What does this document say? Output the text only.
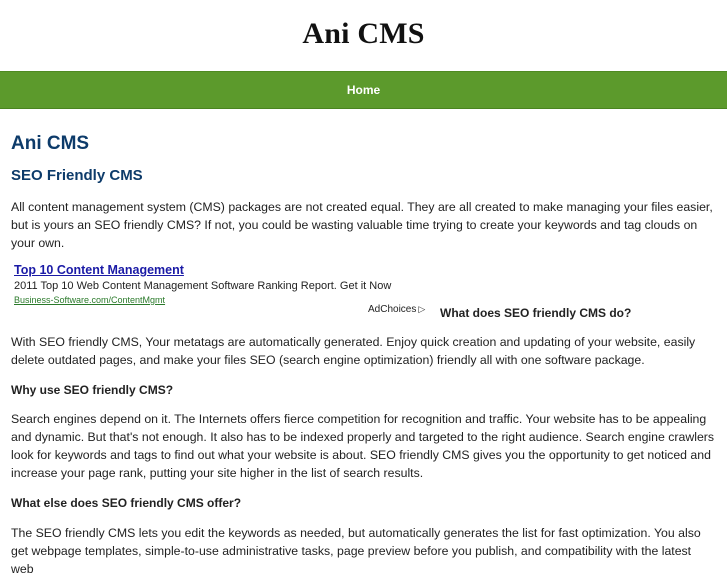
Ani CMS
Home
Ani CMS
SEO Friendly CMS

All content management system (CMS) packages are not created equal. They are all created to make managing your files easier, but is yours an SEO friendly CMS? If not, you could be wasting valuable time trying to create your keywords and tag clouds on your own.

Top 10 Content Management
2011 Top 10 Web Content Management Software Ranking Report. Get it Now
Business-Software.com/ContentMgmt
AdChoices ▷ What does SEO friendly CMS do?

With SEO friendly CMS, Your metatags are automatically generated. Enjoy quick creation and updating of your website, easily delete outdated pages, and make your files SEO (search engine optimization) friendly all with one software package.

Why use SEO friendly CMS?

Search engines depend on it. The Internets offers fierce competition for recognition and traffic. Your website has to be appealing and dynamic. But that's not enough. It also has to be indexed properly and targeted to the right audience. Search engine crawlers look for keywords and tags to find out what your website is about. SEO friendly CMS gives you the opportunity to get noticed and increase your page rank, putting your site higher in the list of search results.

What else does SEO friendly CMS offer?

The SEO friendly CMS lets you edit the keywords as needed, but automatically generates the list for fast optimization. You also get webpage templates, simple-to-use administrative tasks, page preview before you publish, and compatibility with the latest web
